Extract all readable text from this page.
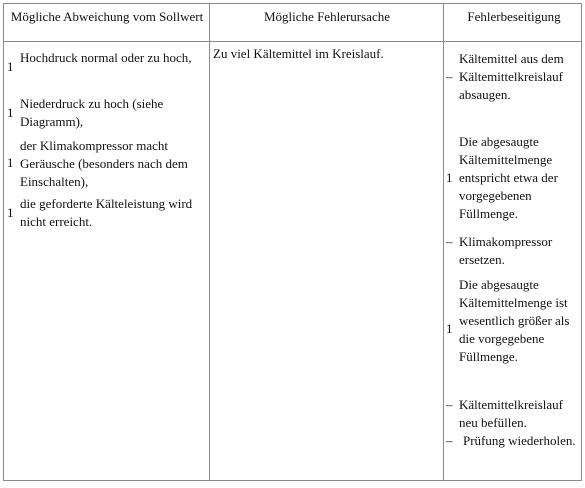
Mögliche Abweichung vom Sollwert	Mögliche Fehlerursache	Fehlerbeseitigung
1
Hochdruck normal oder zu hoch,
1
Niederdruck zu hoch (siehe Diagramm),
1
der Klimakompressor macht Geräusche (besonders nach dem Einschalten),
1
die geforderte Kälteleistung wird nicht erreicht.
Zu viel Kältemittel im Kreislauf.
–
Kältemittel aus dem Kältemittelkreislauf absaugen.
1
Die abgesaugte Kältemittelmenge entspricht etwa der vorgegebenen Füllmenge.
– Klimakompressor ersetzen.
1
Die abgesaugte Kältemittelmenge ist wesentlich größer als die vorgegebene Füllmenge.
– Kältemittelkreislauf neu befüllen.
– Prüfung wiederholen.
